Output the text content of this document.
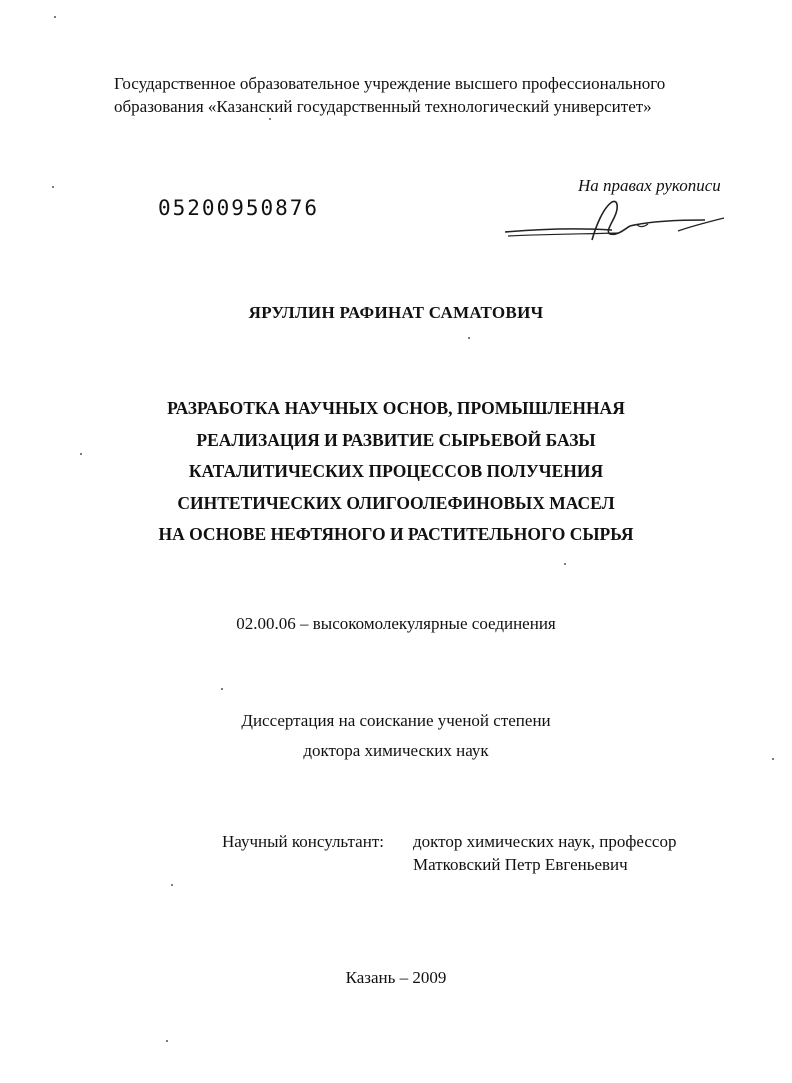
Государственное образовательное учреждение высшего профессионального
образования «Казанский государственный технологический университет»
05200950876
На правах рукописи
ЯРУЛЛИН РАФИНАТ САМАТОВИЧ
РАЗРАБОТКА НАУЧНЫХ ОСНОВ, ПРОМЫШЛЕННАЯ
РЕАЛИЗАЦИЯ И РАЗВИТИЕ СЫРЬЕВОЙ БАЗЫ
КАТАЛИТИЧЕСКИХ ПРОЦЕССОВ ПОЛУЧЕНИЯ
СИНТЕТИЧЕСКИХ ОЛИГООЛЕФИНОВЫХ МАСЕЛ
НА ОСНОВЕ НЕФТЯНОГО И РАСТИТЕЛЬНОГО СЫРЬЯ
02.00.06 – высокомолекулярные соединения
Диссертация на соискание ученой степени
доктора химических наук
Научный консультант: доктор химических наук, профессор
Матковский Петр Евгеньевич
Казань – 2009
